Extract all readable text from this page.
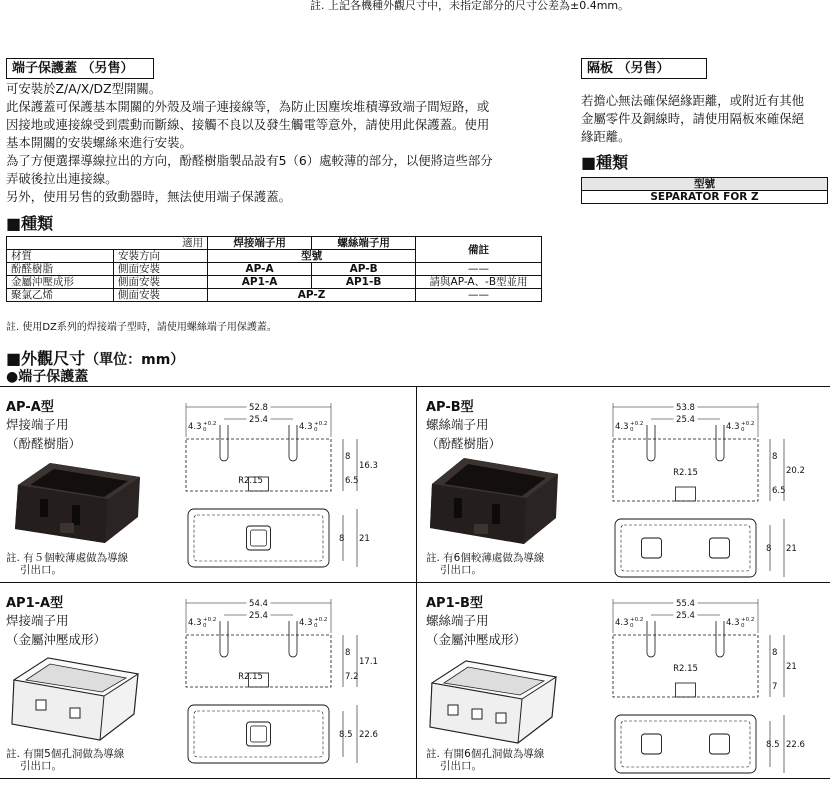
註. 上記各機種外觀尺寸中，未指定部分的尺寸公差為±0.4mm。
端子保護蓋 （另售）

可安裝於Z/A/X/DZ型開關。

此保護蓋可保護基本開關的外殼及端子連接線等，為防止因塵埃堆積導致端子間短路，或

因接地或連接線受到震動而斷線、接觸不良以及發生觸電等意外，請使用此保護蓋。使用

基本開關的安裝螺絲來進行安裝。

為了方便選擇導線拉出的方向，酚醛樹脂製品設有5（6）處較薄的部分，以便將這些部分

弄破後拉出連接線。

另外，使用另售的致動器時，無法使用端子保護蓋。

■種類
適用		焊接端子用	螺絲端子用	備註
材質	安裝方向	型號		
酚醛樹脂	側面安裝	AP-A	AP-B	——
金屬沖壓成形	側面安裝	AP1-A	AP1-B	請與AP-A、-B型並用
聚氯乙烯	側面安裝	AP-Z		——
註. 使用DZ系列的焊接端子型時，請使用螺絲端子用保護蓋。
隔板 （另售）

若擔心無法確保絕緣距離，或附近有其他

金屬零件及銅線時，請使用隔板來確保絕

緣距離。

■種類
型號
SEPARATOR FOR Z
■外觀尺寸（單位：mm）
●端子保護蓋
AP-A型
焊接端子用
（酚醛樹脂）
註. 有５個較薄處做為導線
引出口。
AP-B型
螺絲端子用
（酚醛樹脂）
註. 有6個較薄處做為導線
引出口。
AP1-A型
焊接端子用
（金屬沖壓成形）
註. 有開5個孔洞做為導線
引出口。
AP1-B型
螺絲端子用
（金屬沖壓成形）
註. 有開6個孔洞做為導線
引出口。
52.8
25.4
4.3 +0.2
0	4.3 +0.2
0
R2.15
8
6.5
16.3
8 21
53.8
25.4
4.3 +0.2
0	4.3 +0.2
0
R2.15
8
6.5
20.2
8 21
54.4
25.4
4.3 +0.2
0	4.3 +0.2
0
R2.15
8
7.2
17.1
8.5 22.6
55.4
25.4
4.3 +0.2
0	4.3 +0.2
0
R2.15
8
7
21
8.5 22.6
